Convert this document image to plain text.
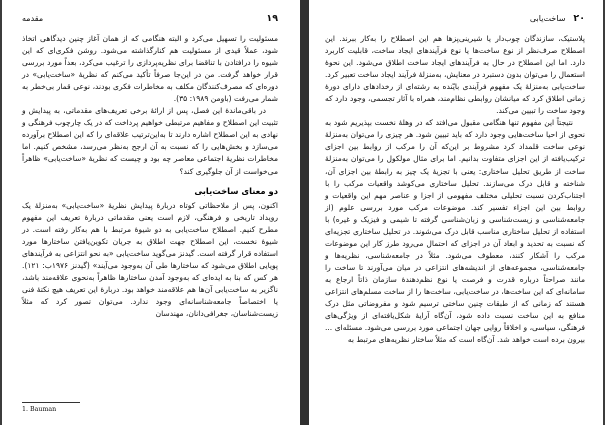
۱۹
مقدمه

مسئولیت را تسهیل می‌کرد و البته هنگامی که از همان آغاز چنین دیدگاهی اتخاذ شود، عملاً قیدی از مسئولیت هم کنارگذاشته می‌شود. روشن فکری‌ای که این شیوه را درافتادن با تناقضا برای نظریه‌پردازی را ترغیب می‌کرد، بعداً مورد بررسی قرار خواهد گرفت. من در این‌جا صرفاً تأکید می‌کنم که نظریهٔ «ساخت‌یابی» در دوره‌ای که مصرف‌کنندگان مکلف به مخاطرات فکری بودند، نوعی قمار بی‌خطر به شمار می‌رفت (باومن ۱۹۸۹: ۳۵).

در باقی‌ماندهٔ این فصل، پس از ارائهٔ برخی تعریف‌های مقدماتی، به پیدایش و تثبیت این اصطلاح و مفاهیم مرتبطی خواهیم پرداخت که در یک چارچوب فرهنگی و نهادی به این اصطلاح اشاره دارند تا به‌این‌ترتیب علاقه‌ای را که این اصطلاح برآورده می‌سازد و بخش‌هایی را که نسبت به آن ارجح به‌نظر می‌رسد، مشخص کنیم. اما مخاطرات نظریهٔ اجتماعی معاصر چه بود و چیست که نظریهٔ «ساخت‌یابی» ظاهراً می‌خواست از آن جلوگیری کند؟

دو معنای ساخت‌یابی

اکنون، پس از ملاحظاتی کوتاه دربارهٔ پیدایش نظریهٔ «ساخت‌یابی» به‌منزلهٔ یک رویداد تاریخی و فرهنگی، لازم است یعنی مقدماتی دربارهٔ تعریف این مفهوم مطرح کنیم. اصطلاح ساخت‌یابی به دو شیوهٔ مرتبط با هم به‌کار رفته است. در شیوهٔ نخست، این اصطلاح جهت اطلاق به جریان تکوین‌یافتن ساختارها مورد استفاده قرار گرفته است. گیدنز می‌گوید ساخت‌یابی «به نحو انتزاعی به فرآیندهای پویایی اطلاق می‌شود که ساختارها طی آن به‌وجود می‌آیند» (گیدنز ۱۹۷۶ب: ۱۲۱). هر کس که بنا به ایده‌ای که به‌وجود آمدن ساختارها ظاهراً به‌نحوی علاقه‌مند باشد، ناگزیر به ساخت‌یابی آن‌ها هم علاقه‌مند خواهد بود. دربارهٔ این تعریف هیچ نکتهٔ فنی یا اختصاصاً جامعه‌شناسانه‌ای وجود ندارد. می‌توان تصور کرد که مثلاً زیست‌شناسان، جغرافی‌دانان، مهندسان

1. Bauman
۲۰
ساخت‌یابی

پلاستیک، سازندگان چوب‌دار یا شیرینی‌پزها هم این اصطلاح را به‌کار ببرند. این اصطلاح صرف‌نظر از نوع ساخت‌ها یا نوع فرآیندهای ایجاد ساخت، قابلیت کاربرد دارد. اما این اصطلاح در حال به فرآیندهای ایجاد ساخت اطلاق می‌شود. این نحوهٔ استعمال را می‌توان بدون دستبرد در معنایش، به‌منزلهٔ فرآیند ایجاد ساخت تعبیر کرد. ساخت‌یابی به‌منزلهٔ یک مفهوم فرآیندی بایّنده به رشته‌ای از رخدادهای دارای دورهٔ زمانی اطلاق کرد که میانشان روابطی نظام‌مند، همراه با آثار تجسمی، وجود دارد که وجود ساخت را تبیین می‌کند.

نتیجتاً این مفهوم تنها هنگامی مقبول می‌افتد که در وهلهٔ نخست بپذیریم شود به نحوی از احیا ساخت‌هایی وجود دارد که باید تبیین شود. هر چیزی را می‌توان به‌منزلهٔ نوعی ساخت قلمداد کرد مشروط بر این‌که آن را مرکب از روابط بین اجزای ترکیب‌یافته از این اجزای متفاوت بدانیم. اما برای مثال مولکول را می‌توان به‌منزلهٔ ساخت از طریق تحلیل ساختاری: یعنی با تجزیهٔ یک چیز به رابطهٔ بین اجزای آن، شناخته و قابل درک می‌سازند. تحلیل ساختاری می‌کوشد واقعیات مرکب را با اجتناب‌کردن نسبت تحلیلی مختلف مفهومی از اجزا و عناصر مهم این واقعیات و روابط بین این اجزاء تفسیر کند. موضوعات مرکب مورد بررسی علوم (از جامعه‌شناسی و زیست‌شناسی و زبان‌شناسی گرفته تا شیمی و فیزیک و غیره) با استفاده از تحلیل ساختاری مناسب قابل درک می‌شوند. در تحلیل ساختاری تجزیه‌ای که نسبت به تحدید و ابعاد آن در اجزای که احتمال می‌رود طرز کار این موضوعات مرکب را آشکار کنند، معطوف می‌شود. مثلاً در جامعه‌شناسی، نظریه‌ها و جامعه‌شناسی، مجموعه‌های از اندیشه‌های انتزاعی در میان می‌آورند تا ساخت را مانند صراحتاً درباره قدرت و فرصت یا نوع نظم‌دهندهٔ سازمان ذاتاً ارجاع به سامانه‌ای که این ساخت‌ها، در ساخت‌یابی، ساخت‌ها را از ساخت مسلم‌های انتزاعی هستند که زمانی که از طبقات چنین ساختی ترسیم شود و مفروضاتی مثل درک منافع به این ساخت نسبت داده شود، آن‌گاه آرایهٔ شکل‌یافته‌ای از ویژگی‌های فرهنگی، سیاسی، و اخلاقاً روایی جهان اجتماعی مورد بررسی می‌شود. مسئله‌ای ... بیرون برده است خواهد شد. آن‌گاه است که مثلاً ساختار نظریه‌های مرتبط به
